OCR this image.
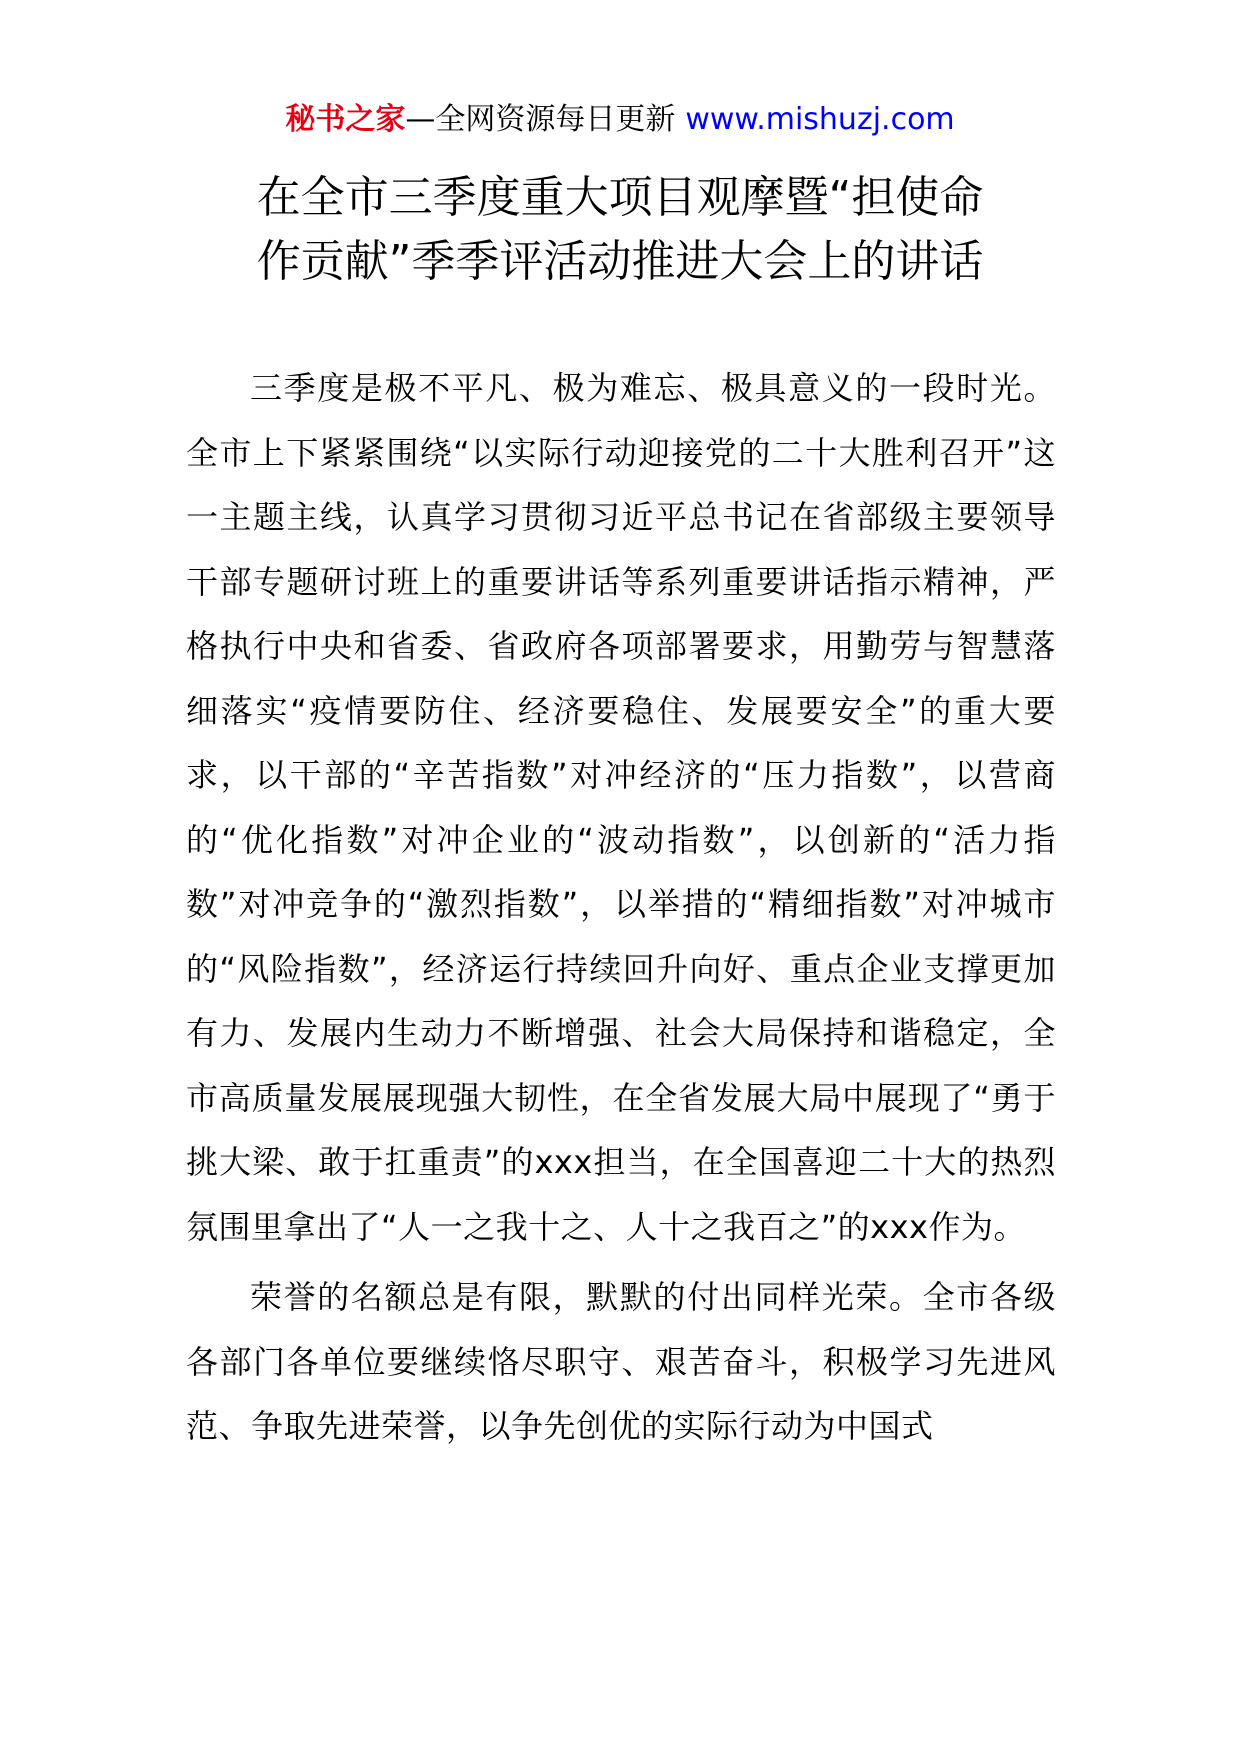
秘书之家—全网资源每日更新 www.mishuzj.com
在全市三季度重大项目观摩暨“担使命
作贡献”季季评活动推进大会上的讲话

三季度是极不平凡、极为难忘、极具意义的一段时光。全市上下紧紧围绕“以实际行动迎接党的二十大胜利召开”这一主题主线，认真学习贯彻习近平总书记在省部级主要领导干部专题研讨班上的重要讲话等系列重要讲话指示精神，严格执行中央和省委、省政府各项部署要求，用勤劳与智慧落细落实“疫情要防住、经济要稳住、发展要安全”的重大要求，以干部的“辛苦指数”对冲经济的“压力指数”，以营商的“优化指数”对冲企业的“波动指数”，以创新的“活力指数”对冲竞争的“激烈指数”，以举措的“精细指数”对冲城市的“风险指数”，经济运行持续回升向好、重点企业支撑更加有力、发展内生动力不断增强、社会大局保持和谐稳定，全市高质量发展展现强大韧性，在全省发展大局中展现了“勇于挑大梁、敢于扛重责”的xxx担当，在全国喜迎二十大的热烈氛围里拿出了“人一之我十之、人十之我百之”的xxx作为。

荣誉的名额总是有限，默默的付出同样光荣。全市各级各部门各单位要继续恪尽职守、艰苦奋斗，积极学习先进风范、争取先进荣誉，以争先创优的实际行动为中国式
